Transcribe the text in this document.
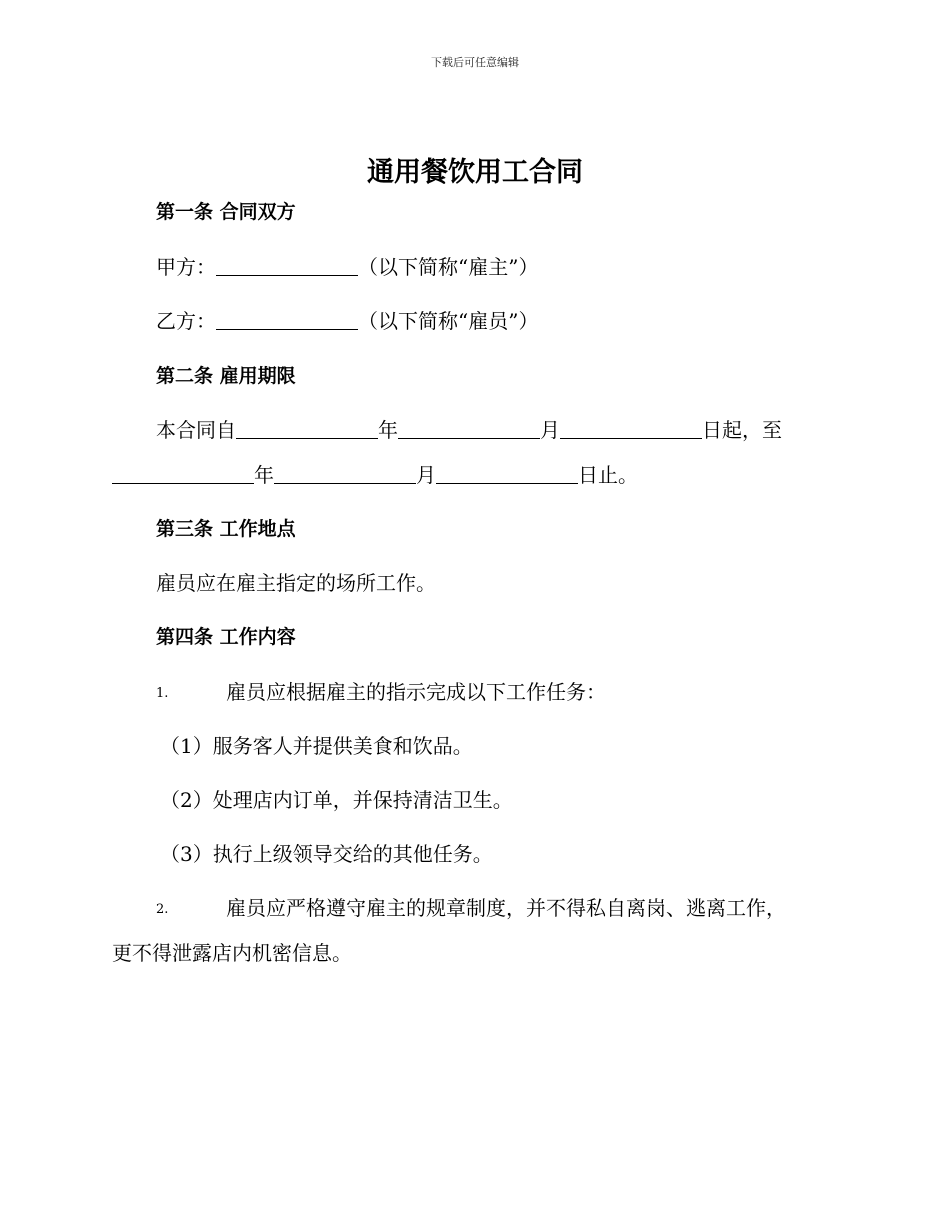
下载后可任意编辑
通用餐饮用工合同
第一条 合同双方
甲方：	（以下简称“雇主”）
乙方：	（以下简称“雇员”）
第二条 雇用期限
本合同自	年	月	日起，至
年	月	日止。
第三条 工作地点
雇员应在雇主指定的场所工作。
第四条 工作内容
1.	雇员应根据雇主的指示完成以下工作任务：
（1）服务客人并提供美食和饮品。
（2）处理店内订单，并保持清洁卫生。
（3）执行上级领导交给的其他任务。
2.	雇员应严格遵守雇主的规章制度，并不得私自离岗、逃离工作，
更不得泄露店内机密信息。
